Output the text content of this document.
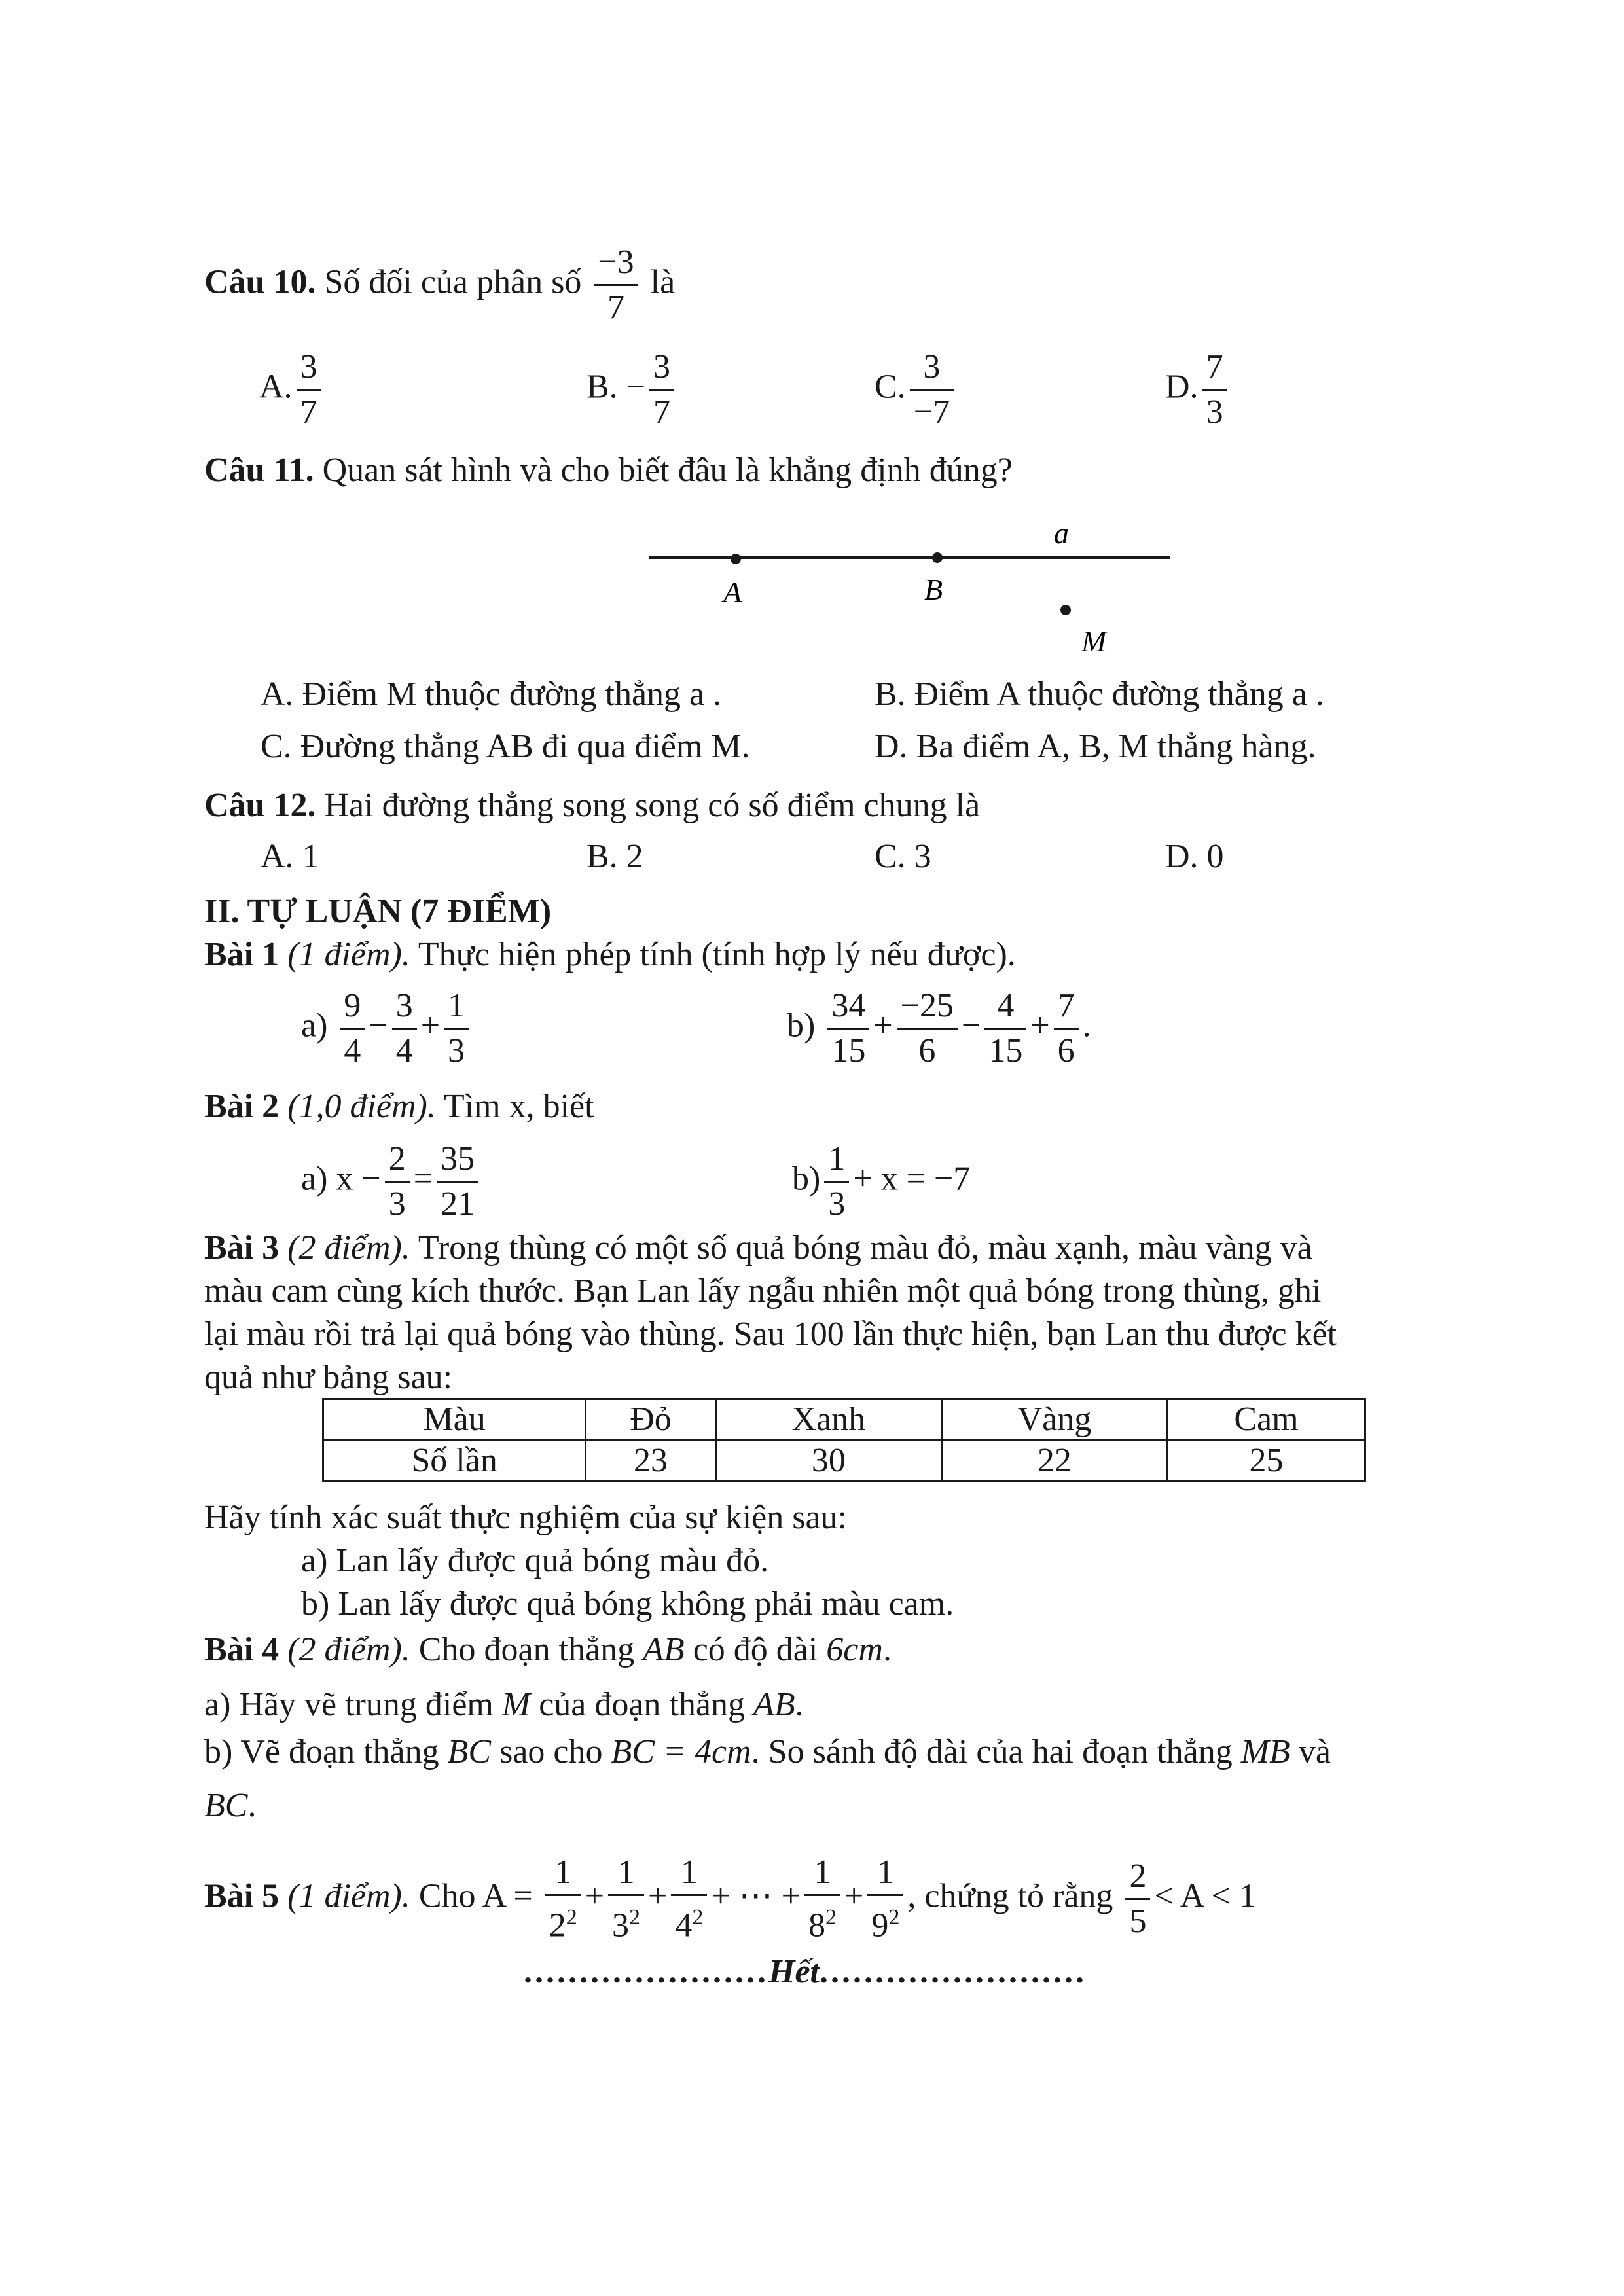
Câu 10. Số đối của phân số $\frac{-3}{7}$ là
A. $\frac{3}{7}$	B. − $\frac{3}{7}$	C. $\frac{3}{-7}$	D. $\frac{7}{3}$
Câu 11. Quan sát hình và cho biết đâu là khẳng định đúng?
a
A	B
M
A. Điểm M thuộc đường thẳng a .	B. Điểm A thuộc đường thẳng a .
C. Đường thẳng AB đi qua điểm M.	D. Ba điểm A, B, M thẳng hàng.
Câu 12. Hai đường thẳng song song có số điểm chung là
A. 1	B. 2	C. 3	D. 0
II. TỰ LUẬN (7 ĐIỂM)
Bài 1 (1 điểm). Thực hiện phép tính (tính hợp lý nếu được).
$a) \frac{9}{4} - \frac{3}{4} + \frac{1}{3}$	$b) \frac{34}{15} + \frac{-25}{6} - \frac{4}{15} + \frac{7}{6}$ .
Bài 2 (1,0 điểm). Tìm x, biết
a) $x - \frac{2}{3} = \frac{35}{21}$	$b) \frac{1}{3} + x = -7$
Bài 3 (2 điểm). Trong thùng có một số quả bóng màu đỏ, màu xạnh, màu vàng và
màu cam cùng kích thước. Bạn Lan lấy ngẫu nhiên một quả bóng trong thùng, ghi
lại màu rồi trả lại quả bóng vào thùng. Sau 100 lần thực hiện, bạn Lan thu được kết
quả như bảng sau:
Màu	Đỏ	Xanh	Vàng	Cam
Số lần	23	30	22	25
Hãy tính xác suất thực nghiệm của sự kiện sau:
a) Lan lấy được quả bóng màu đỏ.
b) Lan lấy được quả bóng không phải màu cam.
Bài 4 (2 điểm). Cho đoạn thẳng AB có độ dài 6cm.
a) Hãy vẽ trung điểm M của đoạn thẳng AB.
b) Vẽ đoạn thẳng BC sao cho BC = 4cm. So sánh độ dài của hai đoạn thẳng MB và
BC.
Bài 5 (1 điểm). Cho $A = \frac{1}{2^2} + \frac{1}{3^2} + \frac{1}{4^2}$ + ⋯ + $\frac{1}{8^2} + \frac{1}{9^2}$ , chứng tỏ rằng $\frac{2}{5} < A < 1$
......................Hết........................
